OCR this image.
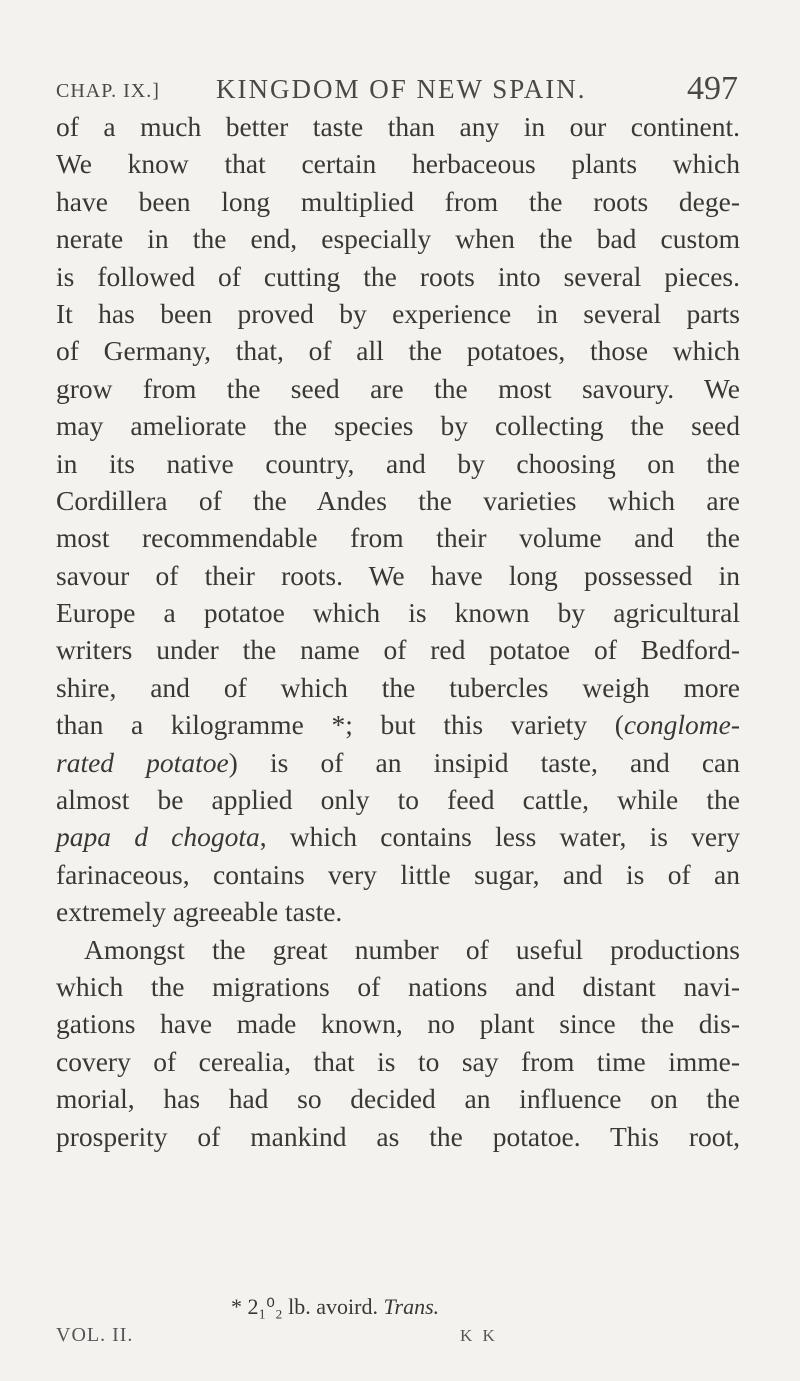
CHAP. IX.] KINGDOM OF NEW SPAIN.	497
of a much better taste than any in our continent.
We know that certain herbaceous plants which
have been long multiplied from the roots dege-
nerate in the end, especially when the bad custom
is followed of cutting the roots into several pieces.
It has been proved by experience in several parts
of Germany, that, of all the potatoes, those which
grow from the seed are the most savoury. We
may ameliorate the species by collecting the seed
in its native country, and by choosing on the
Cordillera of the Andes the varieties which are
most recommendable from their volume and the
savour of their roots. We have long possessed in
Europe a potatoe which is known by agricultural
writers under the name of red potatoe of Bedford-
shire, and of which the tubercles weigh more
than a kilogramme *; but this variety (conglome-
rated potatoe) is of an insipid taste, and can
almost be applied only to feed cattle, while the
papa d chogota, which contains less water, is very
farinaceous, contains very little sugar, and is of an
extremely agreeable taste.
Amongst the great number of useful productions
which the migrations of nations and distant navi-
gations have made known, no plant since the dis-
covery of cerealia, that is to say from time imme-
morial, has had so decided an influence on the
prosperity of mankind as the potatoe. This root,
* 2₁⁰₂ lb. avoird. Trans.
VOL. II.	K K
